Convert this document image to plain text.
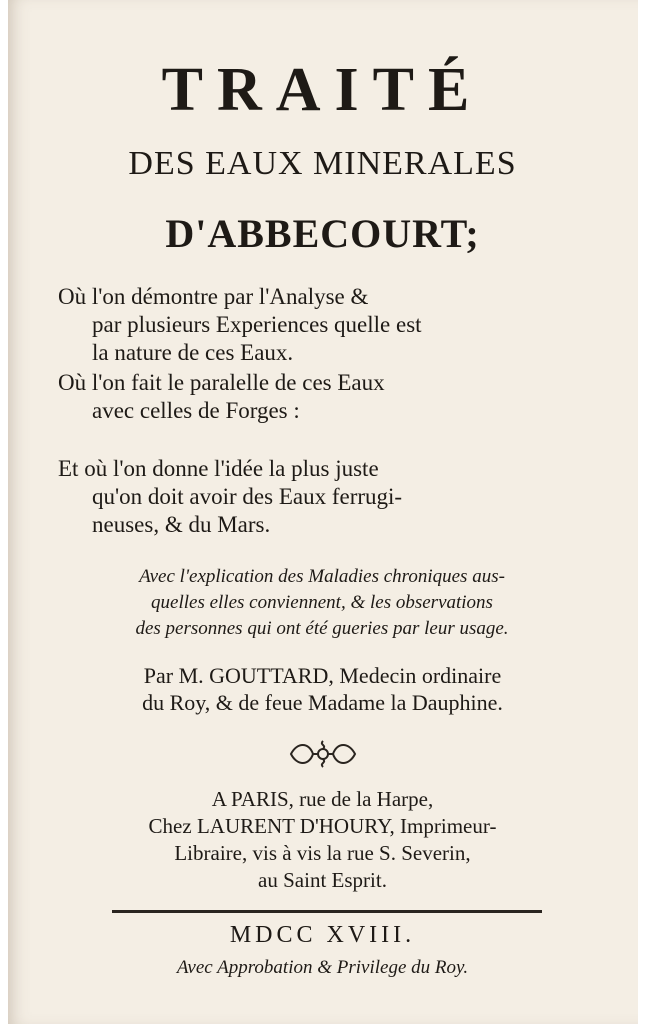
TRAITÉ
DES EAUX MINERALES
D'ABBECOURT;
Où l'on démontre par l'Analyse &
par plusieurs Experiences quelle est
la nature de ces Eaux.
Où l'on fait le paralelle de ces Eaux
avec celles de Forges :
Et où l'on donne l'idée la plus juste
qu'on doit avoir des Eaux ferrugi-
neuses, & du Mars.
Avec l'explication des Maladies chroniques aus-
quelles elles conviennent, & les observations
des personnes qui ont été gueries par leur usage.
Par M. GOUTTARD, Medecin ordinaire
du Roy, & de feue Madame la Dauphine.
A PARIS, rue de la Harpe,
Chez LAURENT D'HOURY, Imprimeur-
Libraire, vis à vis la rue S. Severin,
au Saint Esprit.
MDCC XVIII.
Avec Approbation & Privilege du Roy.
